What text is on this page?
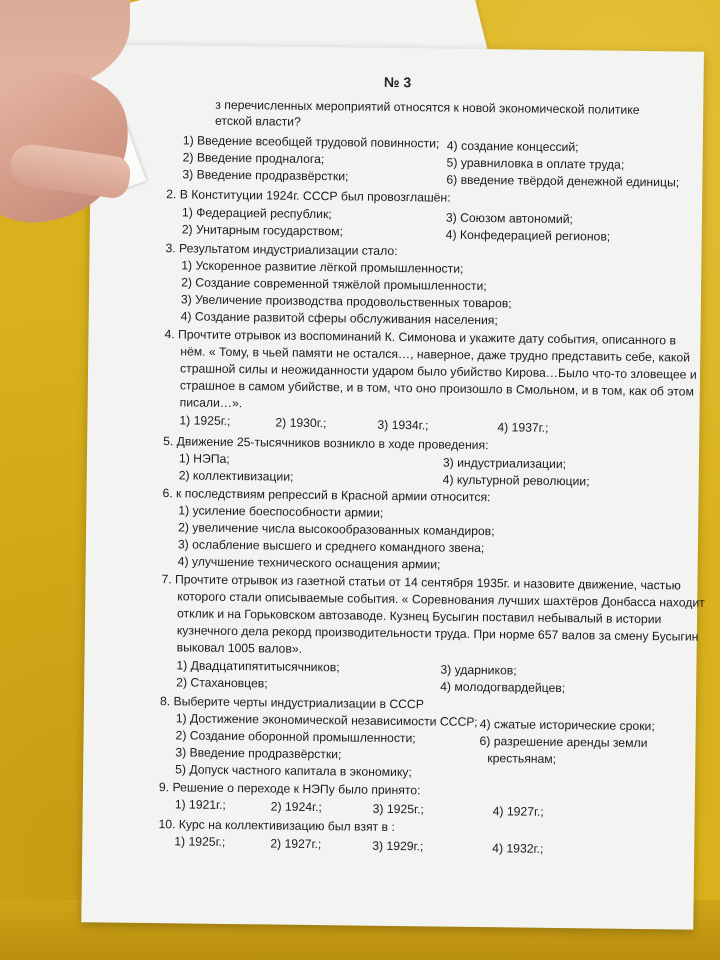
№ 3
з перечисленных мероприятий относятся к новой экономической политике
етской власти?
1) Введение всеобщей трудовой повинности; 4) создание концессий;
2) Введение продналога;	5) уравниловка в оплате труда;
3) Введение продразвёрстки;	6) введение твёрдой денежной единицы;
2. В Конституции 1924г. СССР был провозглашён:
1) Федерацией республик;	3) Союзом автономий;
2) Унитарным государством;	4) Конфедерацией регионов;
3. Результатом индустриализации стало:
1) Ускоренное развитие лёгкой промышленности;
2) Создание современной тяжёлой промышленности;
3) Увеличение производства продовольственных товаров;
4) Создание развитой сферы обслуживания населения;
4. Прочтите отрывок из воспоминаний К. Симонова и укажите дату события, описанного в
нём. « Тому, в чьей памяти не остался…, наверное, даже трудно представить себе, какой
страшной силы и неожиданности ударом было убийство Кирова…Было что-то зловещее и
страшное в самом убийстве, и в том, что оно произошло в Смольном, и в том, как об этом
писали…».
1) 1925г.;	2) 1930г.;	3) 1934г.;	4) 1937г.;
5. Движение 25-тысячников возникло в ходе проведения:
1) НЭПа;	3) индустриализации;
2) коллективизации;	4) культурной революции;
6. к последствиям репрессий в Красной армии относится:
1) усиление боеспособности армии;
2) увеличение числа высокообразованных командиров;
3) ослабление высшего и среднего командного звена;
4) улучшение технического оснащения армии;
7. Прочтите отрывок из газетной статьи от 14 сентября 1935г. и назовите движение, частью
которого стали описываемые события. « Соревнования лучших шахтёров Донбасса находит
отклик и на Горьковском автозаводе. Кузнец Бусыгин поставил небывалый в истории
кузнечного дела рекорд производительности труда. При норме 657 валов за смену Бусыгин
выковал 1005 валов».
1) Двадцатипятитысячников;	3) ударников;
2) Стахановцев;	4) молодогвардейцев;
8. Выберите черты индустриализации в СССР
1) Достижение экономической независимости СССР; 4) сжатые исторические сроки;
2) Создание оборонной промышленности;	6) разрешение аренды земли
3) Введение продразвёрстки;	крестьянам;
5) Допуск частного капитала в экономику;
9. Решение о переходе к НЭПу было принято:
1) 1921г.;	2) 1924г.;	3) 1925г.;	4) 1927г.;
10. Курс на коллективизацию был взят в :
1) 1925г.;	2) 1927г.;	3) 1929г.;	4) 1932г.;
